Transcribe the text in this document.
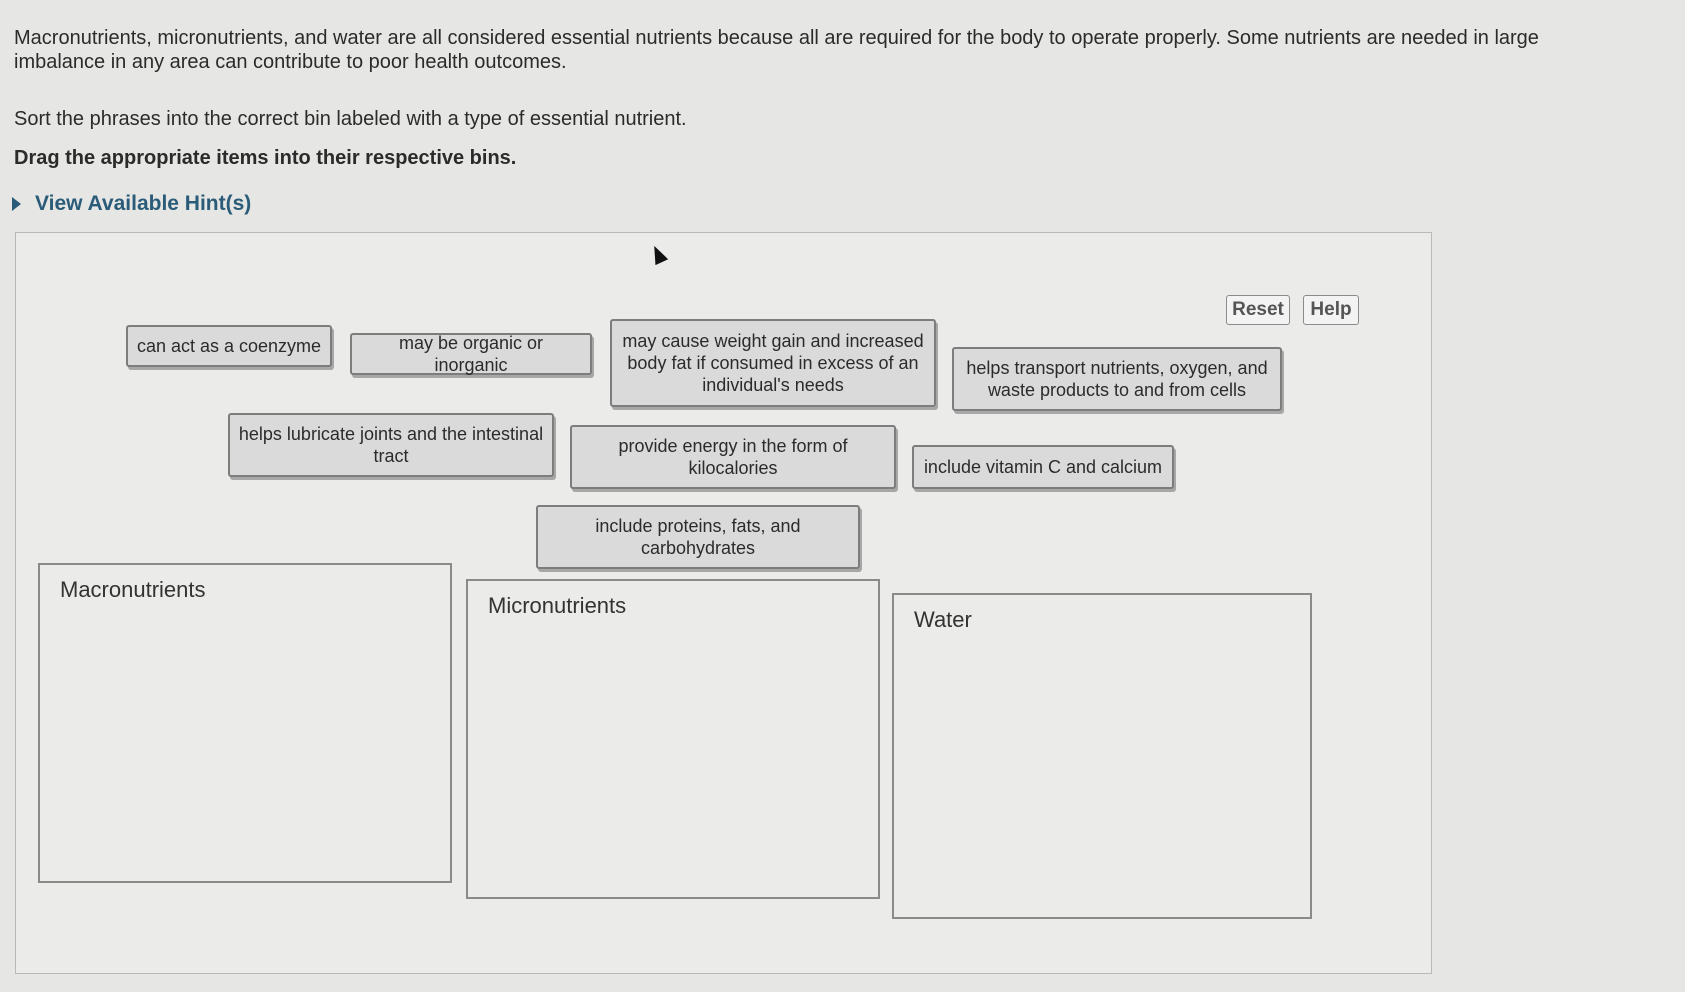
Macronutrients, micronutrients, and water are all considered essential nutrients because all are required for the body to operate properly. Some nutrients are needed in large

imbalance in any area can contribute to poor health outcomes.

Sort the phrases into the correct bin labeled with a type of essential nutrient.
Drag the appropriate items into their respective bins.
View Available Hint(s)
Reset	Help
can act as a coenzyme	may be organic or inorganic
may cause weight gain and increased body fat if consumed in excess of an individual's needs
helps transport nutrients, oxygen, and waste products to and from cells
helps lubricate joints and the intestinal tract	provide energy in the form of kilocalories	include vitamin C and calcium
include proteins, fats, and carbohydrates
Macronutrients
Micronutrients
Water
